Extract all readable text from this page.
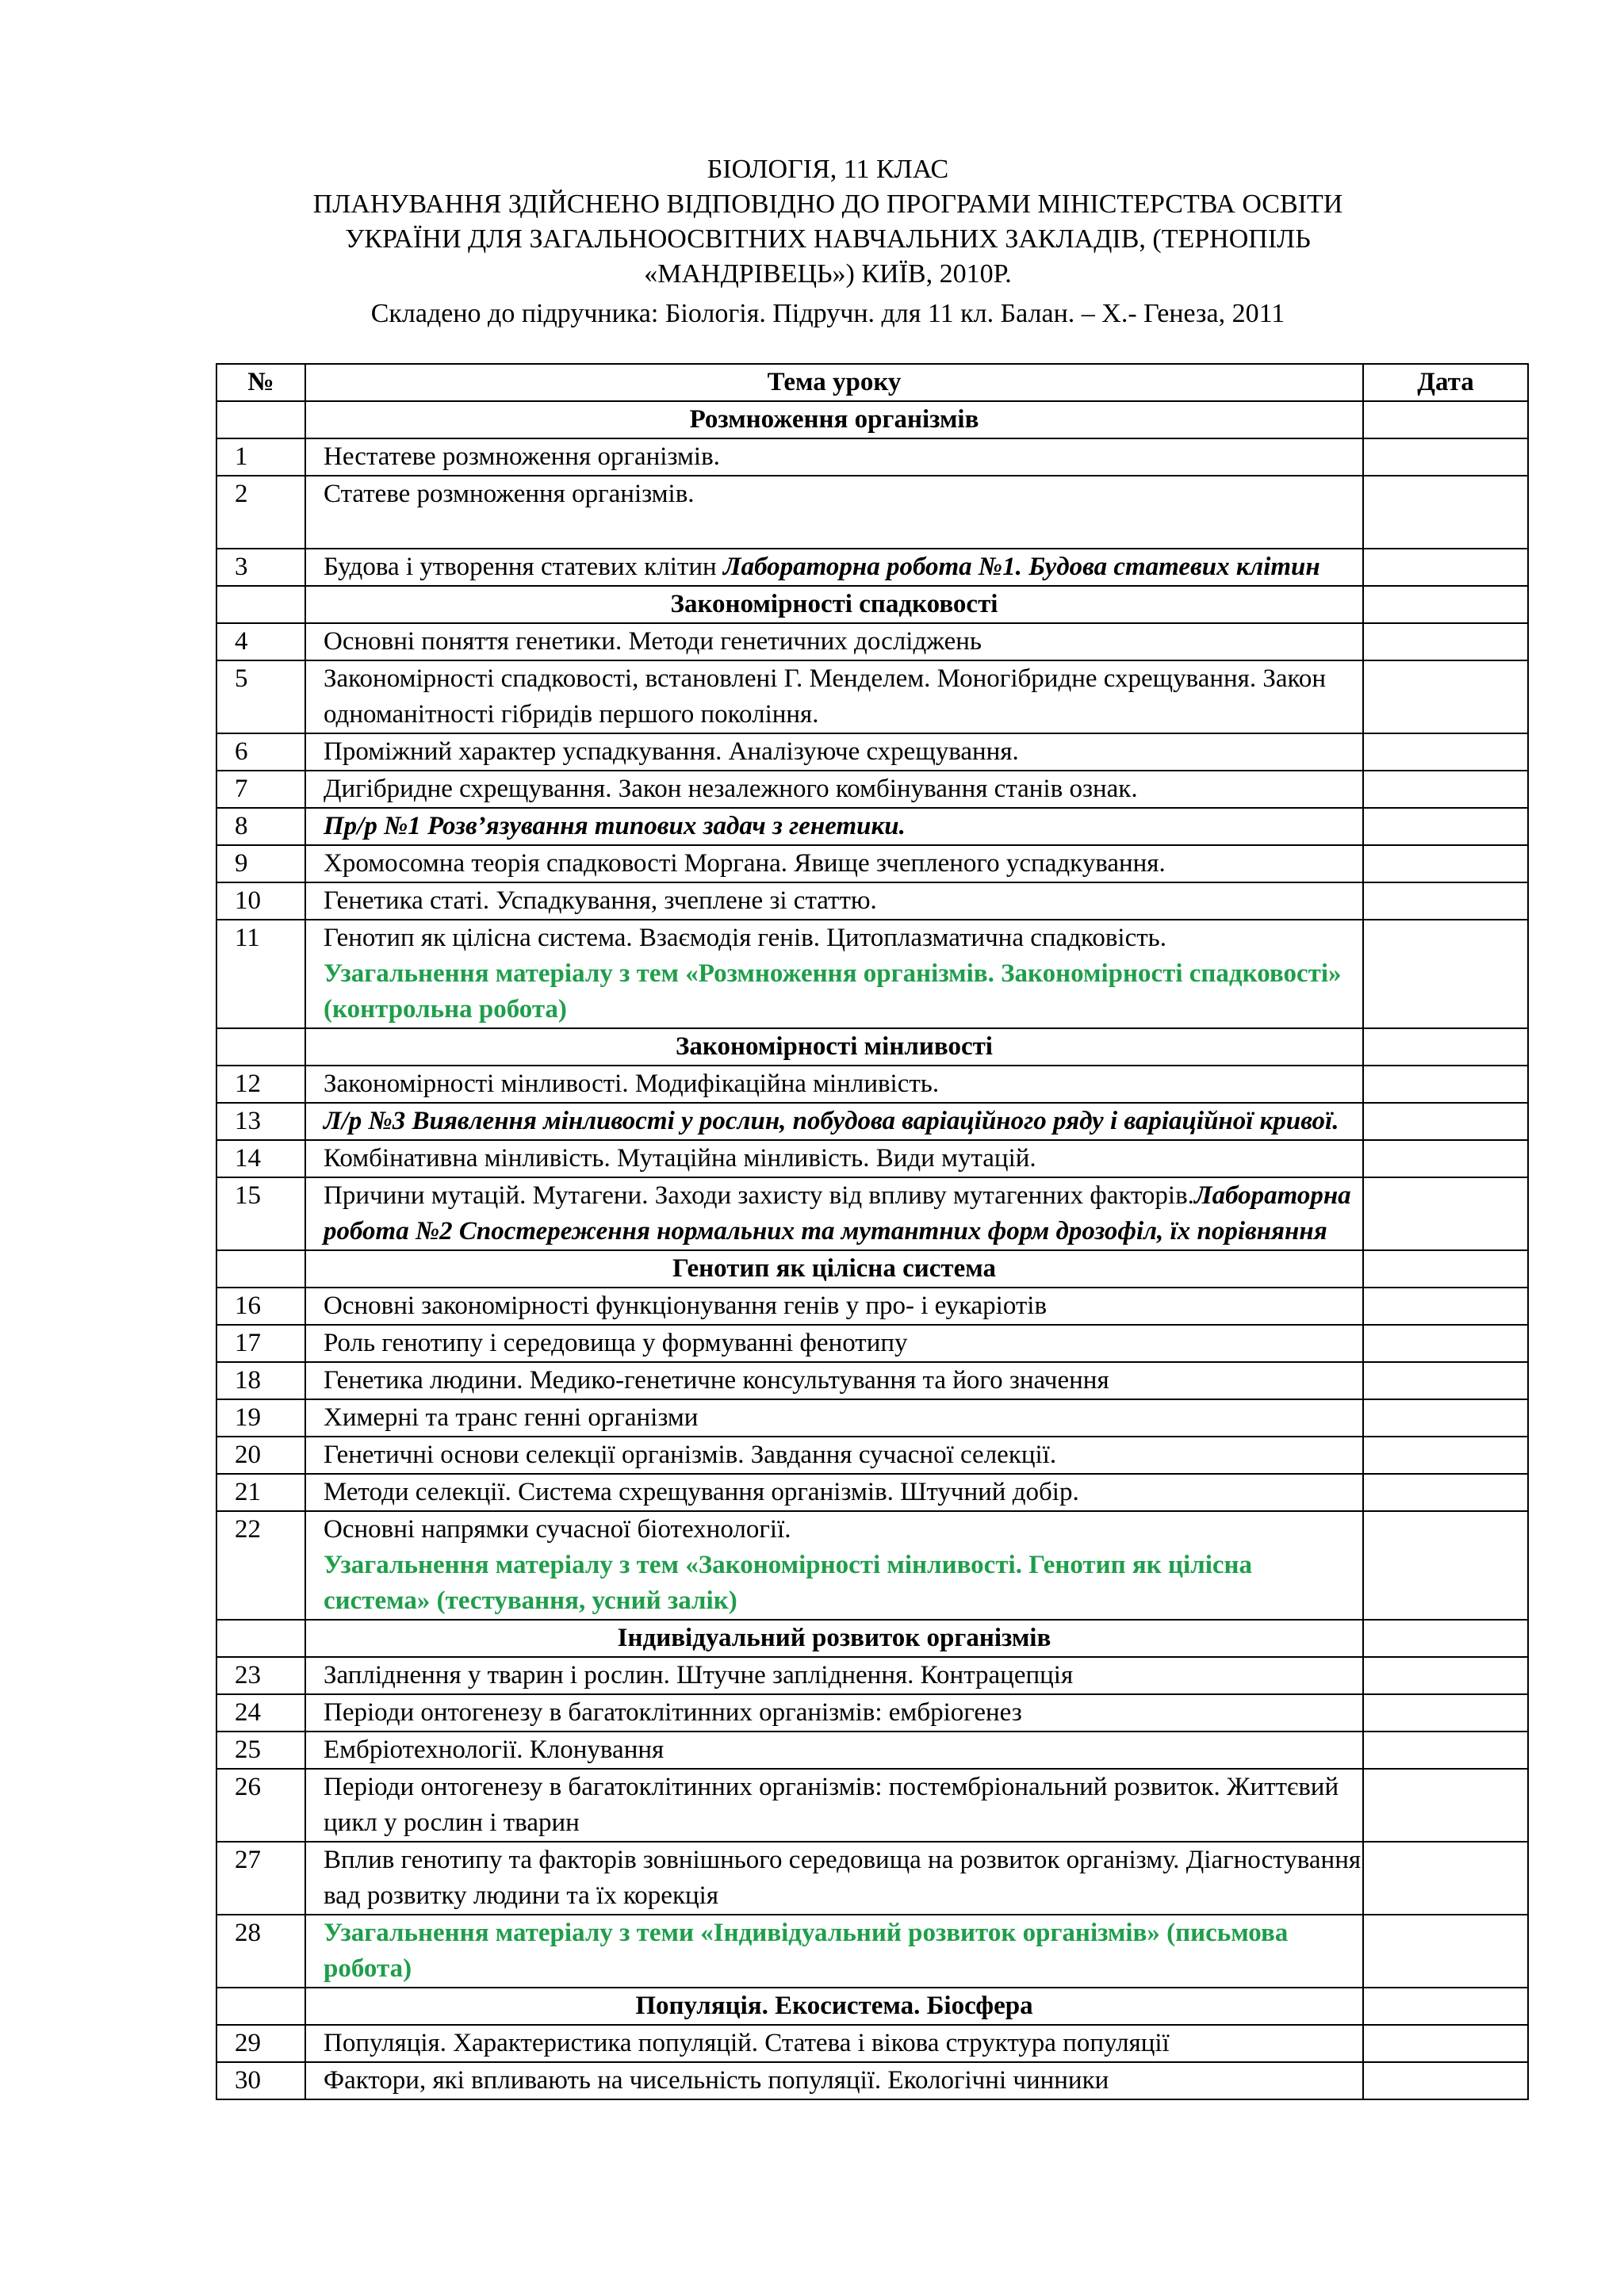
БІОЛОГІЯ, 11 КЛАС
ПЛАНУВАННЯ ЗДІЙСНЕНО ВІДПОВІДНО ДО ПРОГРАМИ МІНІСТЕРСТВА ОСВІТИ
УКРАЇНИ ДЛЯ ЗАГАЛЬНООСВІТНИХ НАВЧАЛЬНИХ ЗАКЛАДІВ, (ТЕРНОПІЛЬ
«МАНДРІВЕЦЬ») КИЇВ, 2010Р.
Складено до підручника: Біологія. Підручн. для 11 кл. Балан. – Х.- Генеза, 2011
№	Тема уроку	Дата
	Розмноження організмів	
1	Нестатеве розмноження організмів.	
2	Статеве розмноження організмів.

3	Будова і утворення статевих клітин Лабораторна робота №1. Будова статевих клітин	
	Закономірності спадковості	
4	Основні поняття генетики. Методи генетичних досліджень	
5	Закономірності спадковості, встановлені Г. Менделем. Моногібридне схрещування. Закон одноманітності гібридів першого покоління.	
6	Проміжний характер успадкування. Аналізуюче схрещування.	
7	Дигібридне схрещування. Закон незалежного комбінування станів ознак.	
8	Пр/р №1 Розв’язування типових задач з генетики.	
9	Хромосомна теорія спадковості Моргана. Явище зчепленого успадкування.	
10	Генетика статі. Успадкування, зчеплене зі статтю.	
11	Генотип як цілісна система. Взаємодія генів. Цитоплазматична спадковість.
Узагальнення матеріалу з тем «Розмноження організмів. Закономірності спадковості» (контрольна робота)	

	Закономірності мінливості	
12	Закономірності мінливості. Модифікаційна мінливість.	
13	Л/р №3 Виявлення мінливості у рослин, побудова варіаційного ряду і варіаційної кривої.	
14	Комбінативна мінливість. Мутаційна мінливість. Види мутацій.	
15	Причини мутацій. Мутагени. Заходи захисту від впливу мутагенних факторів.Лабораторна робота №2 Спостереження нормальних та мутантних форм дрозофіл, їх порівняння	
	Генотип як цілісна система	
16	Основні закономірності функціонування генів у про- і еукаріотів	
17	Роль генотипу і середовища у формуванні фенотипу	
18	Генетика людини. Медико-генетичне консультування та його значення	
19	Химерні та транс генні організми	
20	Генетичні основи селекції організмів. Завдання сучасної селекції.	
21	Методи селекції. Система схрещування організмів. Штучний добір.	
22	Основні напрямки сучасної біотехнології.
Узагальнення матеріалу з тем «Закономірності мінливості. Генотип як цілісна система» (тестування, усний залік)	

	Індивідуальний розвиток організмів	
23	Запліднення у тварин і рослин. Штучне запліднення. Контрацепція	
24	Періоди онтогенезу в багатоклітинних організмів: ембріогенез	
25	Ембріотехнології. Клонування	
26	Періоди онтогенезу в багатоклітинних організмів: постембріональний розвиток. Життєвий цикл у рослин і тварин	
27	Вплив генотипу та факторів зовнішнього середовища на розвиток організму. Діагностування вад розвитку людини та їх корекція	
28	Узагальнення матеріалу з теми «Індивідуальний розвиток організмів» (письмова робота)	

	Популяція. Екосистема. Біосфера	
29	Популяція. Характеристика популяцій. Статева і вікова структура популяції	
30	Фактори, які впливають на чисельність популяції. Екологічні чинники	
